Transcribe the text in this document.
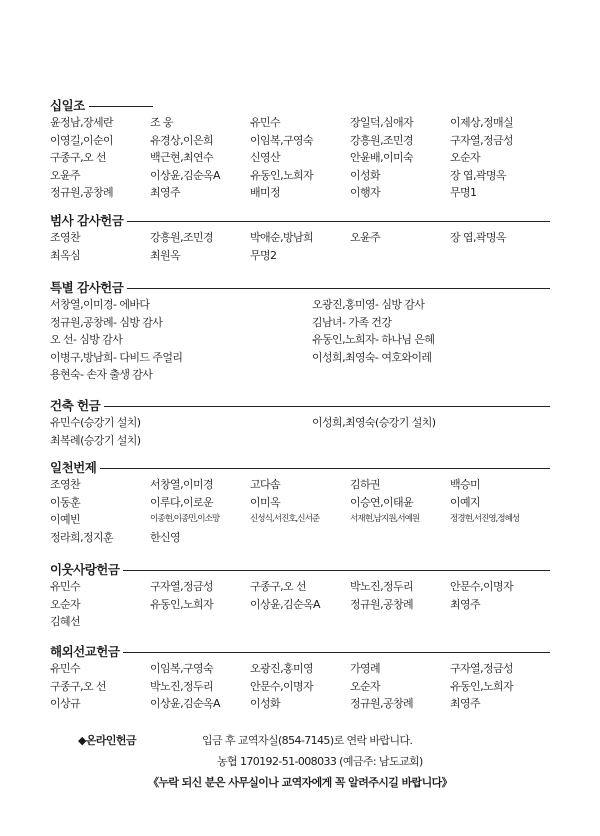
십일조
윤정남,장세란	조 웅	유민수	장일덕,심애자	이제상,정매실
이영길,이순이	유경상,이은희	이임복,구영숙	강흥원,조민경	구자열,정금성
구종구,오 선	백근현,최연수	신영산	안윤배,이미숙	오순자
오윤주	이상윤,김순옥A	유동인,노희자	이성화	장 엽,곽명옥
정규원,공창례	최영주	배미정	이행자	무명1
범사 감사헌금
조영찬	강흥원,조민경	박애순,방남희	오윤주	장 엽,곽명옥
최옥심	최원옥	무명2
특별 감사헌금
서창열,이미경- 에바다	오광진,홍미영- 심방 감사
정규원,공창례- 심방 감사	김남녀- 가족 건강
오 선- 심방 감사	유동인,노희자- 하나님 은혜
이병구,방남희- 다비드 주얼리	이성희,최영숙- 여호와이레
용현숙- 손자 출생 감사
건축 헌금
유민수(승강기 설치)	이성희,최영숙(승강기 설치)
최복례(승강기 설치)
일천번제
조영찬	서창열,이미경	고다솜	김하권	백승미
이동훈	이루다,이로운	이미옥	이승연,이태윤	이예지
이예빈	이종현,이종민,이소망	신성식,서진호,신서준	서재현,남지원,서예원	정경현,서진영,정혜성
정라희,정지훈	한신영
이웃사랑헌금
유민수	구자열,정금성	구종구,오 선	박노진,정두리	안문수,이명자
오순자	유동인,노희자	이상윤,김순옥A	정규원,공창례	최영주
김혜선
해외선교헌금
유민수	이임복,구영숙	오광진,홍미영	가영례	구자열,정금성
구종구,오 선	박노진,정두리	안문수,이명자	오순자	유동인,노희자
이상규	이상윤,김순옥A	이성화	정규원,공창례	최영주
◆온라인헌금	입금 후 교역자실(854-7145)로 연락 바랍니다.
농협 170192-51-008033 (예금주: 남도교회)
《누락 되신 분은 사무실이나 교역자에게 꼭 알려주시길 바랍니다》
